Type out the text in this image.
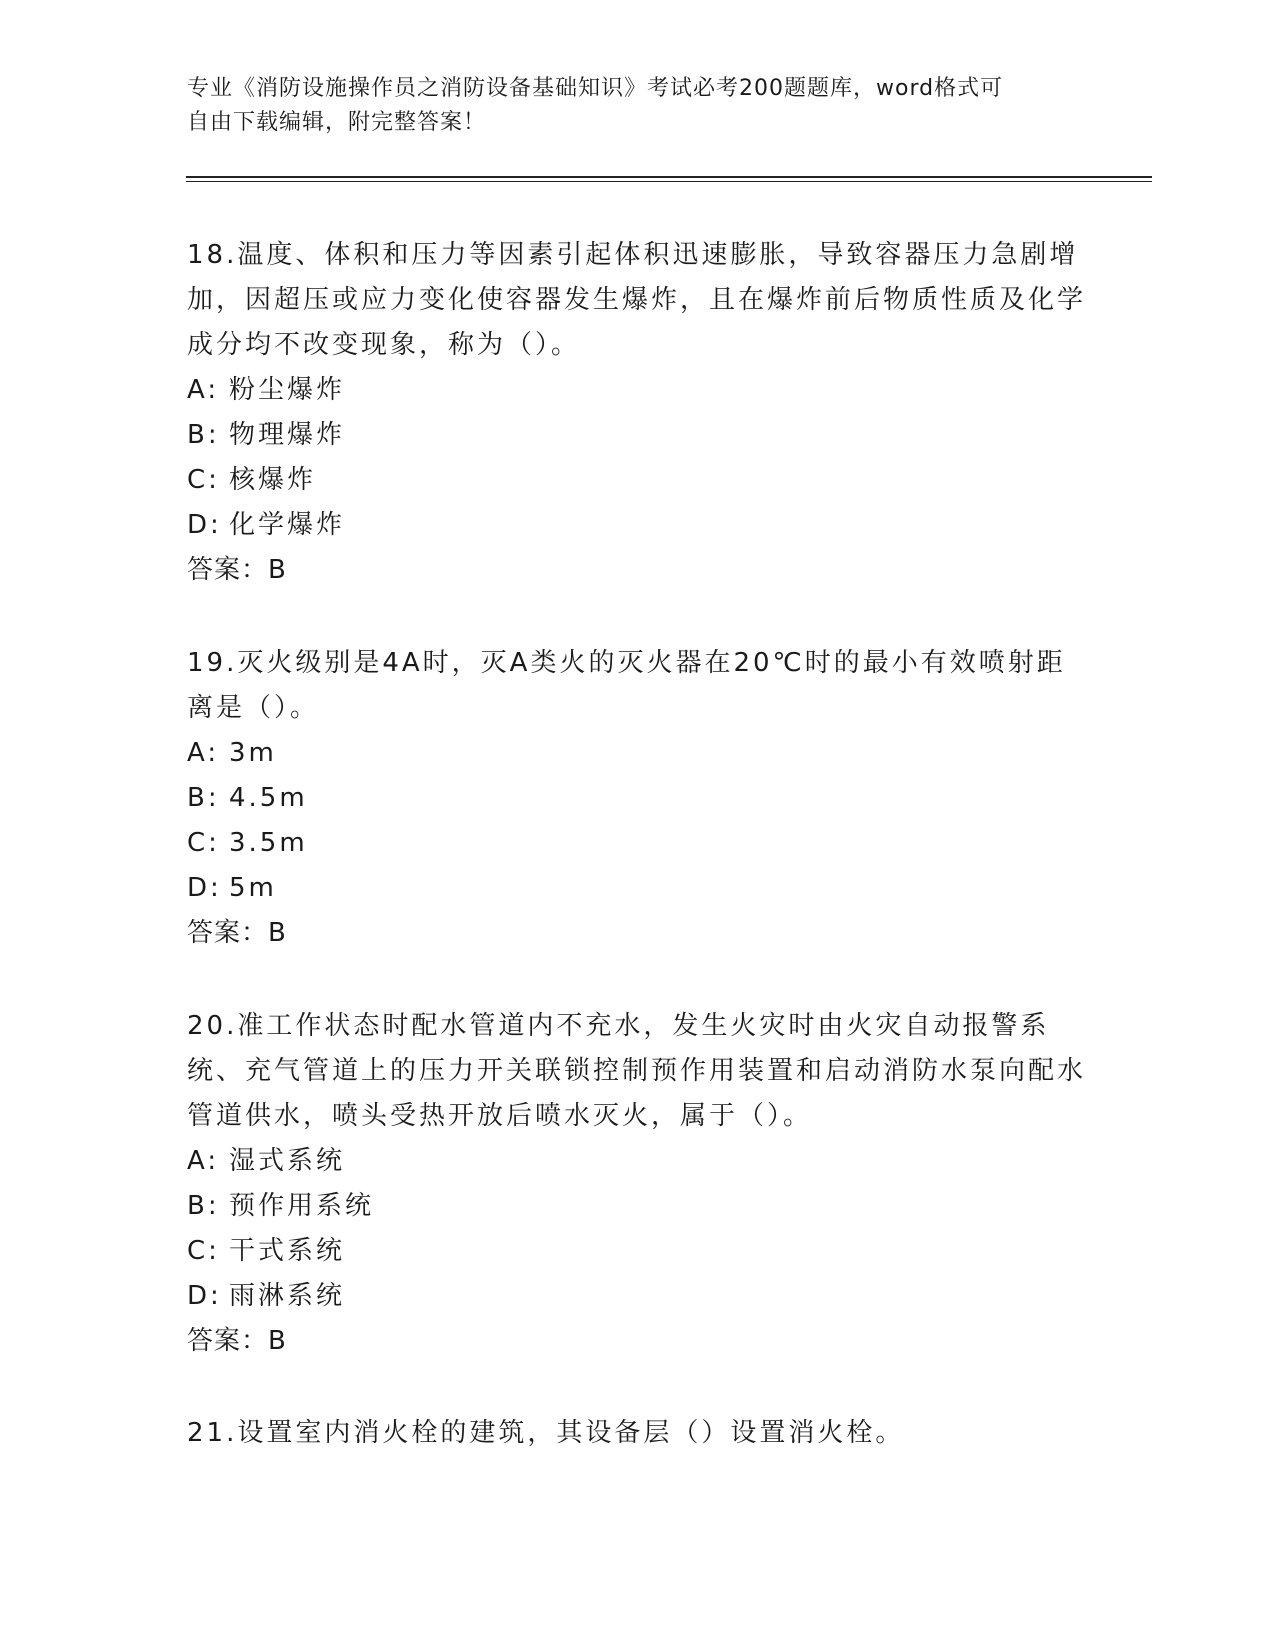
专业《消防设施操作员之消防设备基础知识》考试必考200题题库，word格式可
自由下载编辑，附完整答案！

18.温度、体积和压力等因素引起体积迅速膨胀，导致容器压力急剧增加，因超压或应力变化使容器发生爆炸，且在爆炸前后物质性质及化学成分均不改变现象，称为（）。

A: 粉尘爆炸

B: 物理爆炸

C: 核爆炸

D: 化学爆炸

答案：B

19.灭火级别是4A时，灭A类火的灭火器在20℃时的最小有效喷射距离是（）。

A: 3m

B: 4.5m

C: 3.5m

D: 5m

答案：B

20.准工作状态时配水管道内不充水，发生火灾时由火灾自动报警系统、充气管道上的压力开关联锁控制预作用装置和启动消防水泵向配水管道供水，喷头受热开放后喷水灭火，属于（）。

A: 湿式系统

B: 预作用系统

C: 干式系统

D: 雨淋系统

答案：B

21.设置室内消火栓的建筑，其设备层（）设置消火栓。
